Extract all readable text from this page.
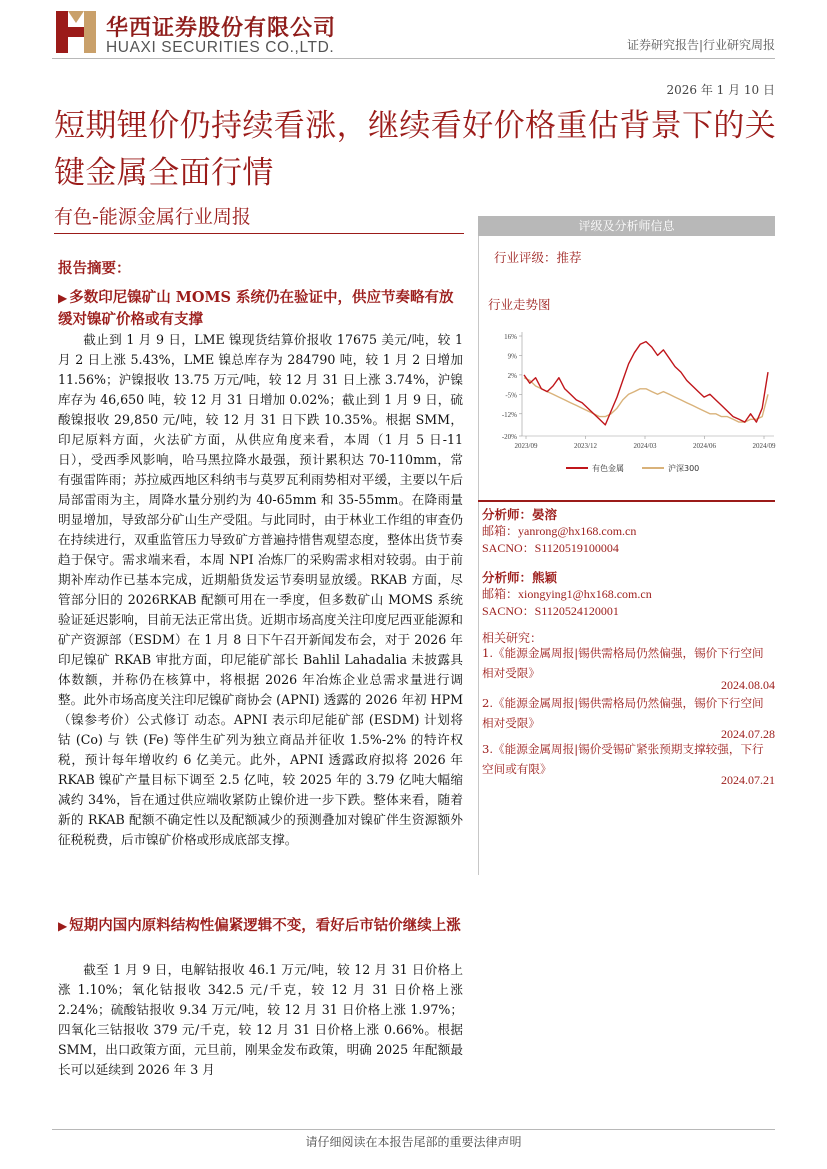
华西证券股份有限公司
HUAXI SECURITIES CO.,LTD.	证券研究报告|行业研究周报
2026 年 1 月 10 日
短期锂价仍持续看涨，继续看好价格重估背景下的关键金属全面行情
有色-能源金属行业周报
报告摘要：
▶ 多数印尼镍矿山 MOMS 系统仍在验证中，供应节奏略有放缓对镍矿价格或有支撑
截止到 1 月 9 日，LME 镍现货结算价报收 17675 美元/吨，较 1 月 2 日上涨 5.43%，LME 镍总库存为 284790 吨，较 1 月 2 日增加 11.56%；沪镍报收 13.75 万元/吨，较 12 月 31 日上涨 3.74%，沪镍库存为 46,650 吨，较 12 月 31 日增加 0.02%；截止到 1 月 9 日，硫酸镍报收 29,850 元/吨，较 12 月 31 日下跌 10.35%。根据 SMM，印尼原料方面，火法矿方面，从供应角度来看，本周（1 月 5 日-11 日），受西季风影响，哈马黑拉降水最强，预计累积达 70-110mm，常有强雷阵雨；苏拉威西地区科纳韦与莫罗瓦利雨势相对平缓，主要以午后局部雷雨为主，周降水量分别约为 40-65mm 和 35-55mm。在降雨量明显增加，导致部分矿山生产受阻。与此同时，由于林业工作组的审查仍在持续进行，双重监管压力导致矿方普遍持惜售观望态度，整体出货节奏趋于保守。需求端来看，本周 NPI 冶炼厂的采购需求相对较弱。由于前期补库动作已基本完成，近期船货发运节奏明显放缓。RKAB 方面，尽管部分旧的 2026RKAB 配额可用在一季度，但多数矿山 MOMS 系统验证延迟影响，目前无法正常出货。近期市场高度关注印度尼西亚能源和矿产资源部（ESDM）在 1 月 8 日下午召开新闻发布会，对于 2026 年印尼镍矿 RKAB 审批方面，印尼能矿部长 Bahlil Lahadalia 未披露具体数额，并称仍在核算中，将根据 2026 年冶炼企业总需求量进行调整。此外市场高度关注印尼镍矿商协会 (APNI) 透露的 2026 年初 HPM（镍参考价）公式修订 动态。APNI 表示印尼能矿部 (ESDM) 计划将 钴 (Co) 与 铁 (Fe) 等伴生矿列为独立商品并征收 1.5%-2% 的特许权税，预计每年增收约 6 亿美元。此外，APNI 透露政府拟将 2026 年 RKAB 镍矿产量目标下调至 2.5 亿吨，较 2025 年的 3.79 亿吨大幅缩减约 34%，旨在通过供应端收紧防止镍价进一步下跌。整体来看，随着新的 RKAB 配额不确定性以及配额减少的预测叠加对镍矿伴生资源额外征税税费，后市镍矿价格或形成底部支撑。
▶ 短期内国内原料结构性偏紧逻辑不变，看好后市钴价继续上涨
截至 1 月 9 日，电解钴报收 46.1 万元/吨，较 12 月 31 日价格上涨 1.10%；氧化钴报收 342.5 元/千克，较 12 月 31 日价格上涨 2.24%；硫酸钴报收 9.34 万元/吨，较 12 月 31 日价格上涨 1.97%；四氧化三钴报收 379 元/千克，较 12 月 31 日价格上涨 0.66%。根据 SMM，出口政策方面，元旦前，刚果金发布政策，明确 2025 年配额最长可以延续到 2026 年 3 月
评级及分析师信息
行业评级：推荐
行业走势图
16%
9%
2%
-5%
-12%
-20%
2023/09	2023/12	2024/03	2024/06	2024/09
有色金属	沪深300
分析师：晏溶
邮箱：yanrong@hx168.com.cn
SACNO：S1120519100004
分析师：熊颖
邮箱：xiongying1@hx168.com.cn
SACNO：S1120524120001
相关研究：
1.《能源金属周报|锡供需格局仍然偏强，锡价下行空间相对受限》
2024.08.04
2.《能源金属周报|锡供需格局仍然偏强，锡价下行空间相对受限》
2024.07.28
3.《能源金属周报|锡价受锡矿紧张预期支撑较强，下行空间或有限》
2024.07.21
请仔细阅读在本报告尾部的重要法律声明
